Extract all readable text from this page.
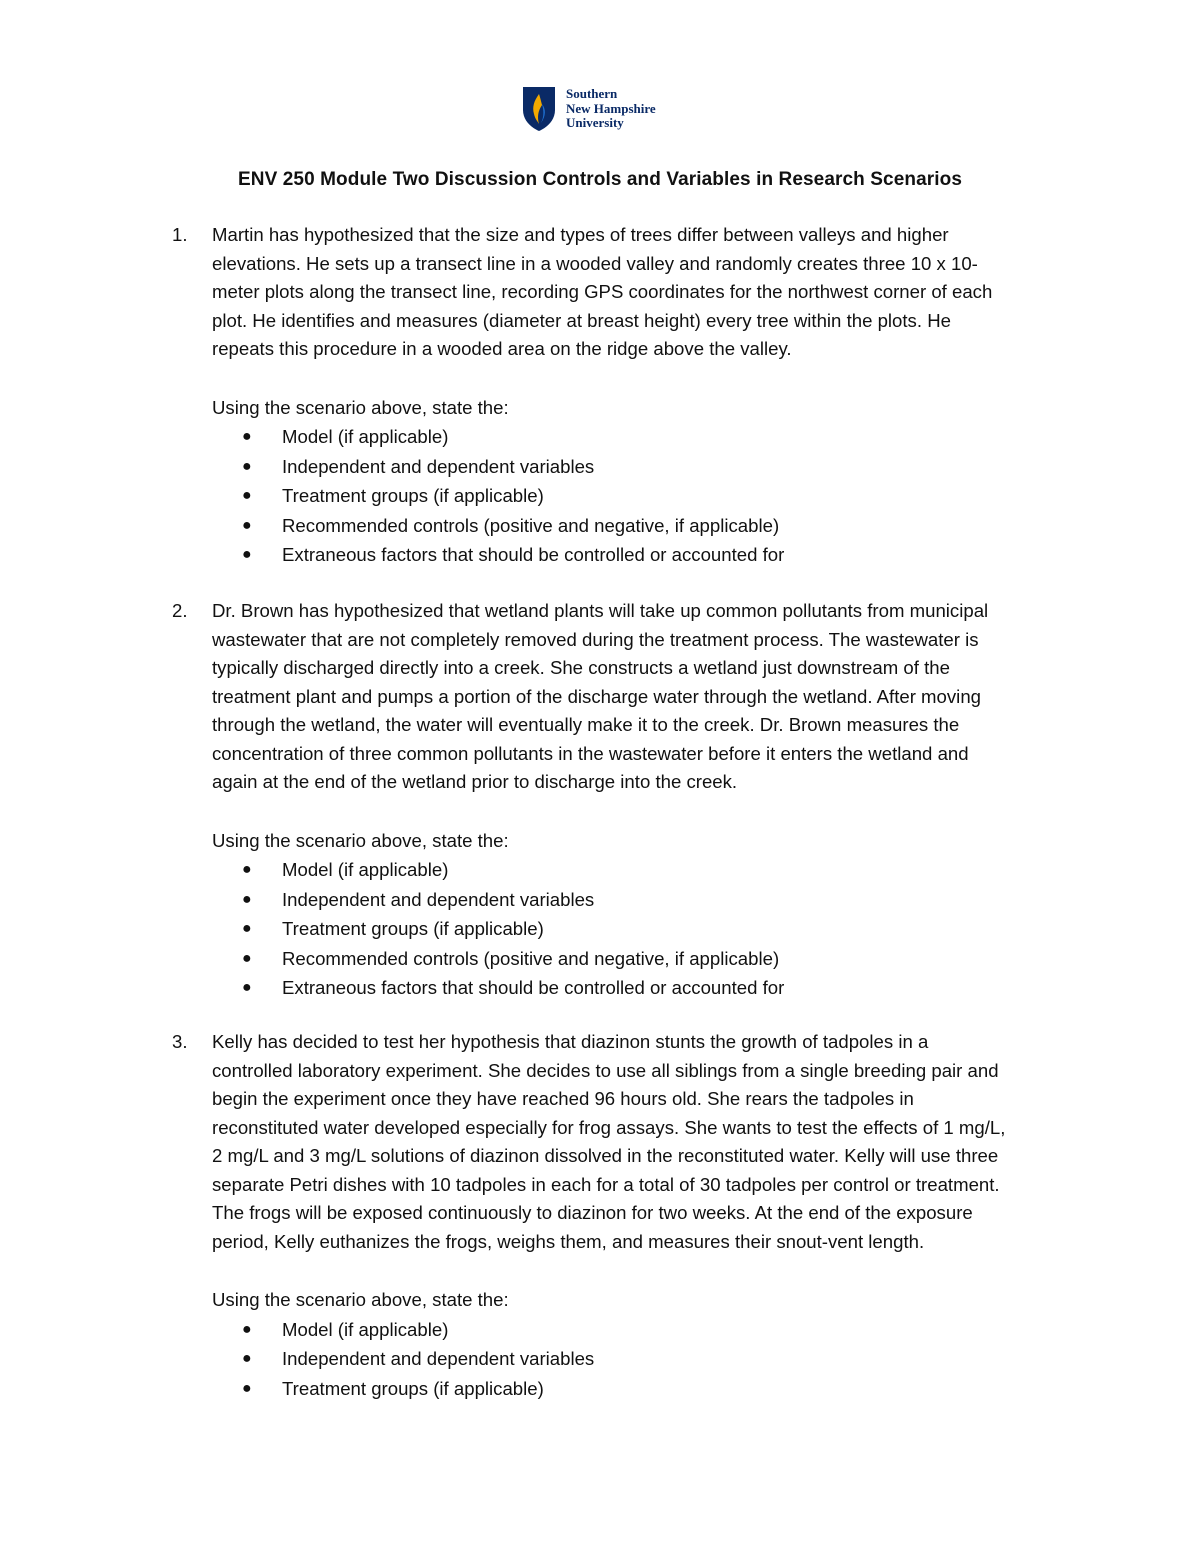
Southern
New Hampshire
University
ENV 250 Module Two Discussion Controls and Variables in Research Scenarios
1. Martin has hypothesized that the size and types of trees differ between valleys and higher
elevations. He sets up a transect line in a wooded valley and randomly creates three 10 x 10-
meter plots along the transect line, recording GPS coordinates for the northwest corner of each
plot. He identifies and measures (diameter at breast height) every tree within the plots. He
repeats this procedure in a wooded area on the ridge above the valley.
Using the scenario above, state the:
● Model (if applicable)
● Independent and dependent variables
● Treatment groups (if applicable)
● Recommended controls (positive and negative, if applicable)
● Extraneous factors that should be controlled or accounted for
2. Dr. Brown has hypothesized that wetland plants will take up common pollutants from municipal
wastewater that are not completely removed during the treatment process. The wastewater is
typically discharged directly into a creek. She constructs a wetland just downstream of the
treatment plant and pumps a portion of the discharge water through the wetland. After moving
through the wetland, the water will eventually make it to the creek. Dr. Brown measures the
concentration of three common pollutants in the wastewater before it enters the wetland and
again at the end of the wetland prior to discharge into the creek.
Using the scenario above, state the:
● Model (if applicable)
● Independent and dependent variables
● Treatment groups (if applicable)
● Recommended controls (positive and negative, if applicable)
● Extraneous factors that should be controlled or accounted for
3. Kelly has decided to test her hypothesis that diazinon stunts the growth of tadpoles in a
controlled laboratory experiment. She decides to use all siblings from a single breeding pair and
begin the experiment once they have reached 96 hours old. She rears the tadpoles in
reconstituted water developed especially for frog assays. She wants to test the effects of 1 mg/L,
2 mg/L and 3 mg/L solutions of diazinon dissolved in the reconstituted water. Kelly will use three
separate Petri dishes with 10 tadpoles in each for a total of 30 tadpoles per control or treatment.
The frogs will be exposed continuously to diazinon for two weeks. At the end of the exposure
period, Kelly euthanizes the frogs, weighs them, and measures their snout-vent length.
Using the scenario above, state the:
● Model (if applicable)
● Independent and dependent variables
● Treatment groups (if applicable)
